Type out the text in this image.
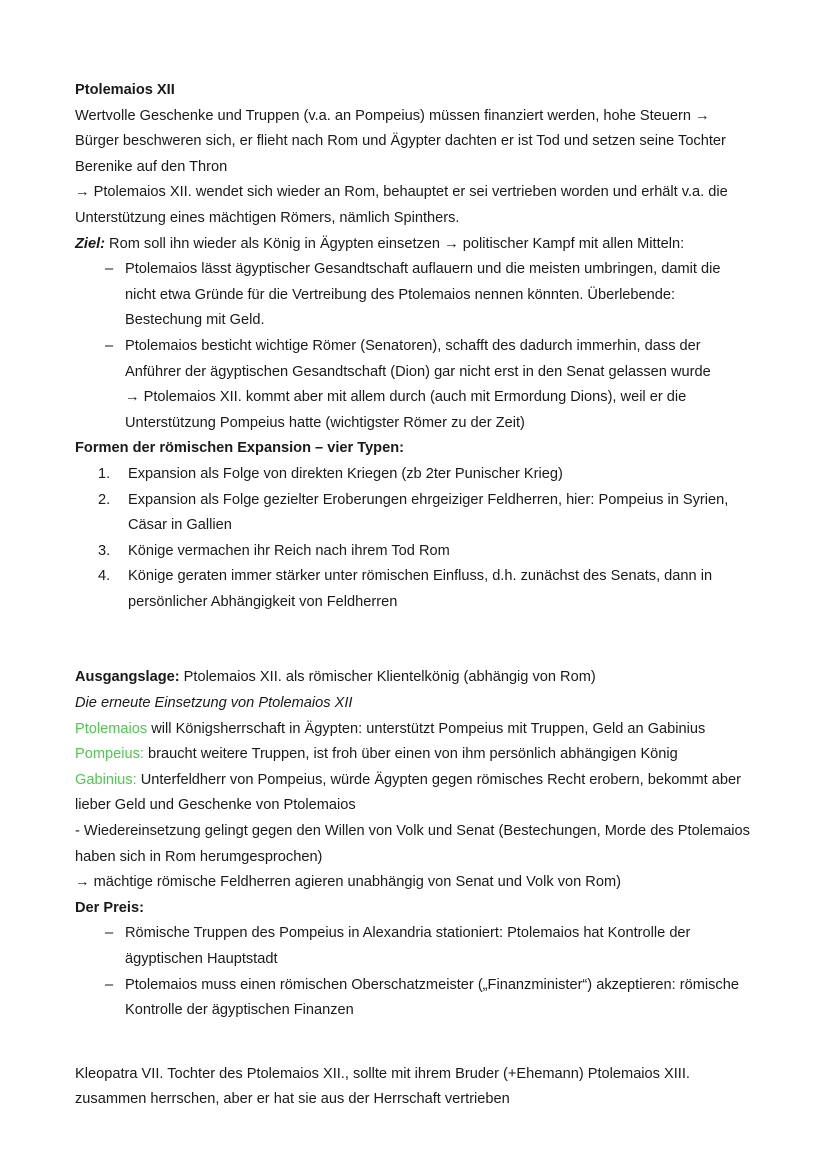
Ptolemaios XII

Wertvolle Geschenke und Truppen (v.a. an Pompeius) müssen finanziert werden, hohe Steuern → Bürger beschweren sich, er flieht nach Rom und Ägypter dachten er ist Tod und setzen seine Tochter Berenike auf den Thron

→ Ptolemaios XII. wendet sich wieder an Rom, behauptet er sei vertrieben worden und erhält v.a. die Unterstützung eines mächtigen Römers, nämlich Spinthers.

Ziel: Rom soll ihn wieder als König in Ägypten einsetzen → politischer Kampf mit allen Mitteln:

– Ptolemaios lässt ägyptischer Gesandtschaft auflauern und die meisten umbringen, damit die nicht etwa Gründe für die Vertreibung des Ptolemaios nennen könnten. Überlebende: Bestechung mit Geld.
– Ptolemaios besticht wichtige Römer (Senatoren), schafft des dadurch immerhin, dass der Anführer der ägyptischen Gesandtschaft (Dion) gar nicht erst in den Senat gelassen wurde
→ Ptolemaios XII. kommt aber mit allem durch (auch mit Ermordung Dions), weil er die Unterstützung Pompeius hatte (wichtigster Römer zu der Zeit)

Formen der römischen Expansion – vier Typen:

1.	Expansion als Folge von direkten Kriegen (zb 2ter Punischer Krieg)
2.	Expansion als Folge gezielter Eroberungen ehrgeiziger Feldherren, hier: Pompeius in Syrien, Cäsar in Gallien
3.	Könige vermachen ihr Reich nach ihrem Tod Rom
4.	Könige geraten immer stärker unter römischen Einfluss, d.h. zunächst des Senats, dann in persönlicher Abhängigkeit von Feldherren

Ausgangslage: Ptolemaios XII. als römischer Klientelkönig (abhängig von Rom)

Die erneute Einsetzung von Ptolemaios XII

Ptolemaios will Königsherrschaft in Ägypten: unterstützt Pompeius mit Truppen, Geld an Gabinius

Pompeius: braucht weitere Truppen, ist froh über einen von ihm persönlich abhängigen König

Gabinius: Unterfeldherr von Pompeius, würde Ägypten gegen römisches Recht erobern, bekommt aber lieber Geld und Geschenke von Ptolemaios

- Wiedereinsetzung gelingt gegen den Willen von Volk und Senat (Bestechungen, Morde des Ptolemaios haben sich in Rom herumgesprochen)

→ mächtige römische Feldherren agieren unabhängig von Senat und Volk von Rom)

Der Preis:

– Römische Truppen des Pompeius in Alexandria stationiert: Ptolemaios hat Kontrolle der ägyptischen Hauptstadt
– Ptolemaios muss einen römischen Oberschatzmeister („Finanzminister“) akzeptieren: römische Kontrolle der ägyptischen Finanzen

Kleopatra VII. Tochter des Ptolemaios XII., sollte mit ihrem Bruder (+Ehemann) Ptolemaios XIII. zusammen herrschen, aber er hat sie aus der Herrschaft vertrieben
